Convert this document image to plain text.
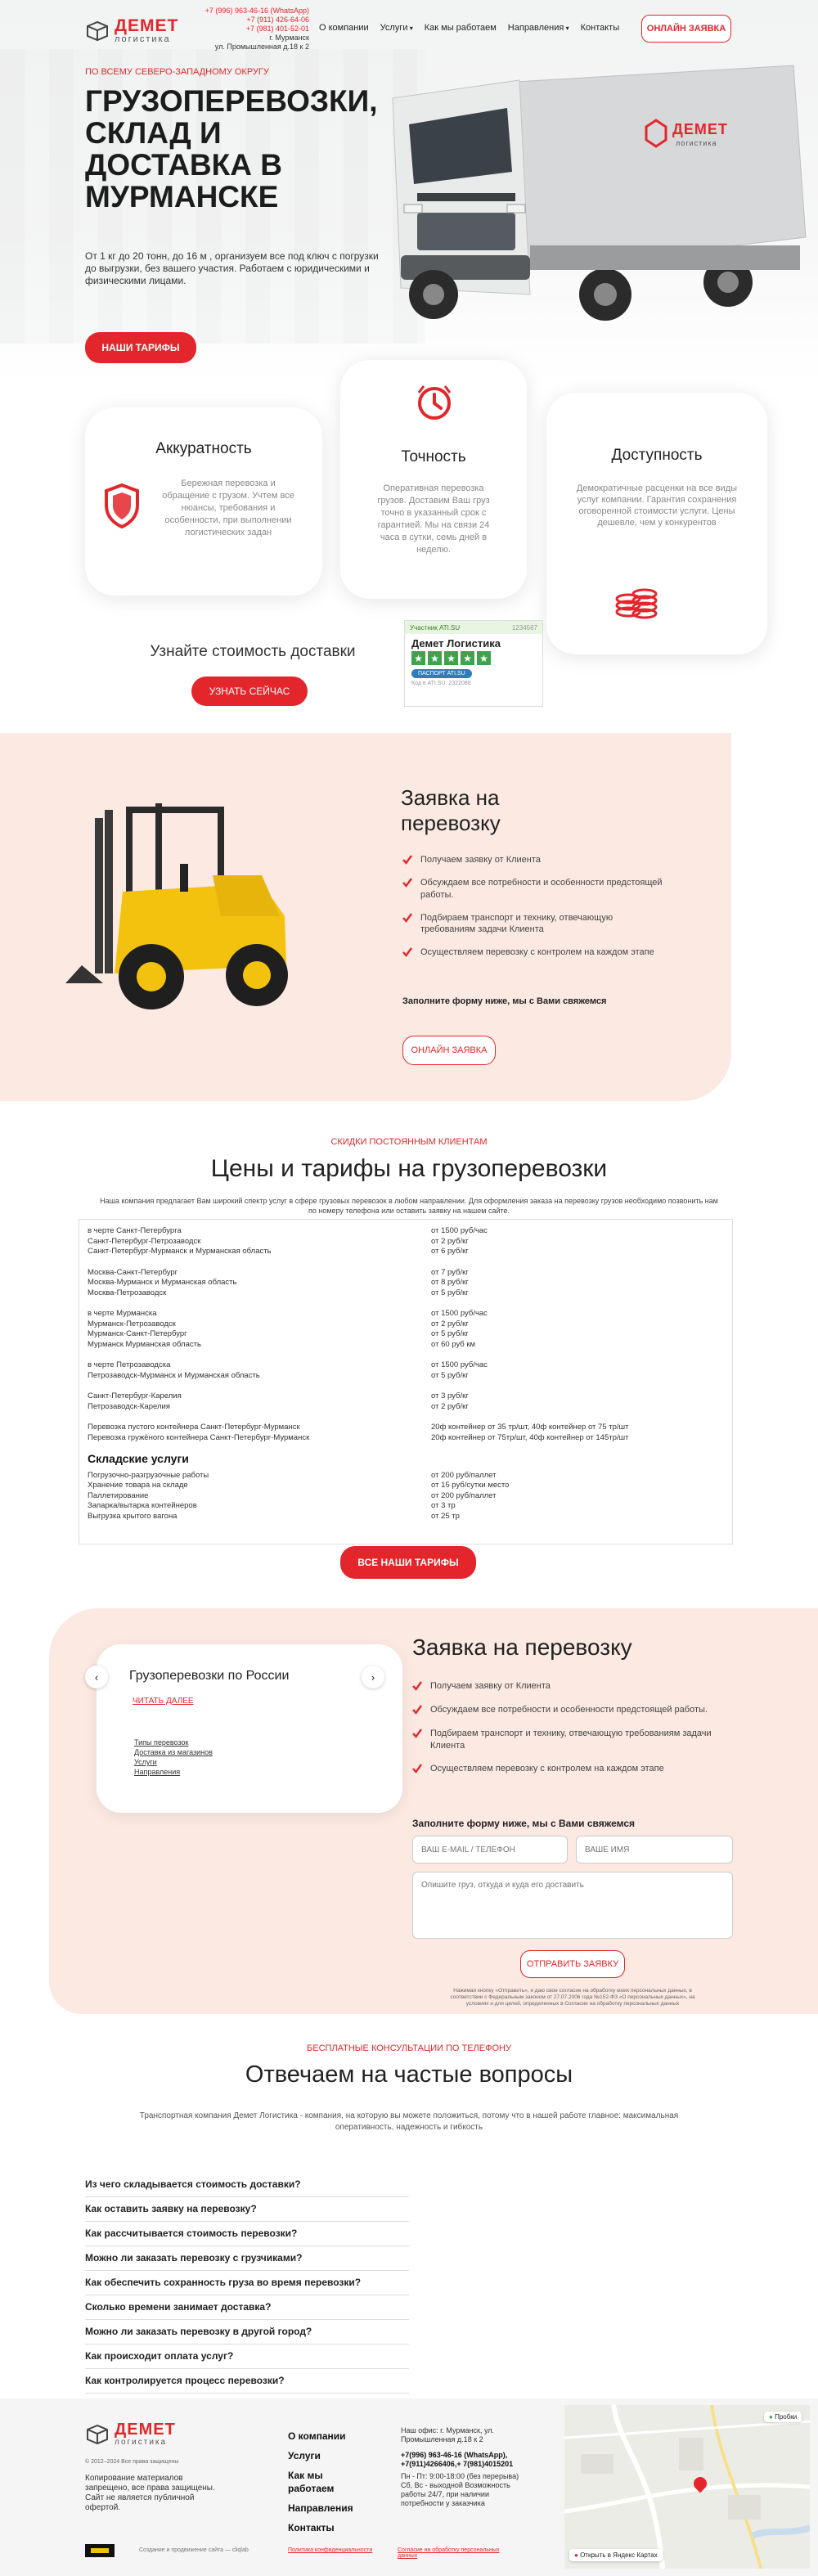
ДЕМЕТ
логистика
+7 (996) 963-46-16 (WhatsApp)
+7 (911) 426-64-06
+7 (981) 401-52-01
г. Мурманск
ул. Промышленная д.18 к 2
О компании Услуги ▾ Как мы работаем Направления ▾ Контакты	ОНЛАЙН ЗАЯВКА
ПО ВСЕМУ СЕВЕРО-ЗАПАДНОМУ ОКРУГУ
ГРУЗОПЕРЕВОЗКИ,
СКЛАД И
ДОСТАВКА В
МУРМАНСКЕ
От 1 кг до 20 тонн, до 16 м , организуем все под ключ с погрузки до выгрузки, без вашего участия. Работаем с юридическими и физическими лицами.
НАШИ ТАРИФЫ
ДЕМЕТ
логистика
Аккуратность
Бережная перевозка и обращение с грузом. Учтем все нюансы, требования и особенности, при выполнении логистических задан
Точность
Оперативная перевозка грузов. Доставим Ваш груз точно в указанный срок с гарантией. Мы на связи 24 часа в сутки, семь дней в неделю.
Доступность
Демократичные расценки на все виды услуг компании. Гарантия сохранения оговоренной стоимости услуги. Цены дешевле, чем у конкурентов
Узнайте стоимость доставки
УЗНАТЬ СЕЙЧАС
Участник ATI.SU	1234567
Демет Логистика
★ ★ ★ ★ ★
ПАСПОРТ ATI.SU
Код в ATI.SU: 2322088
Заявка на
перевозку
Получаем заявку от Клиента
Обсуждаем все потребности и особенности предстоящей работы.
Подбираем транспорт и технику, отвечающую требованиям задачи Клиента
Осуществляем перевозку с контролем на каждом этапе
Заполните форму ниже, мы с Вами свяжемся
ОНЛАЙН ЗАЯВКА
СКИДКИ ПОСТОЯННЫМ КЛИЕНТАМ
Цены и тарифы на грузоперевозки
Наша компания предлагает Вам широкий спектр услуг в сфере грузовых перевозок в любом направлении. Для оформления заказа на перевозку грузов необходимо позвонить нам по номеру телефона или оставить заявку на нашем сайте.
в черте Санкт-Петербурга	от 1500 руб/час
Санкт-Петербург-Петрозаводск	от 2 руб/кг
Санкт-Петербург-Мурманск и Мурманская область	от 6 руб/кг
Москва-Санкт-Петербург	от 7 руб/кг
Москва-Мурманск и Мурманская область	от 8 руб/кг
Москва-Петрозаводск	от 5 руб/кг
в черте Мурманска	от 1500 руб/час
Мурманск-Петрозаводск	от 2 руб/кг
Мурманск-Санкт-Петербург	от 5 руб/кг
Мурманск Мурманская область	от 60 руб км
в черте Петрозаводска	от 1500 руб/час
Петрозаводск-Мурманск и Мурманская область	от 5 руб/кг
Санкт-Петербург-Карелия	от 3 руб/кг
Петрозаводск-Карелия	от 2 руб/кг
Перевозка пустого контейнера Санкт-Петербург-Мурманск	20ф контейнер от 35 тр/шт, 40ф контейнер от 75 тр/шт
Перевозка гружёного контейнера Санкт-Петербург-Мурманск	20ф контейнер от 75тр/шт, 40ф контейнер от 145тр/шт
Складские услуги
Погрузочно-разгрузочные работы	от 200 руб/паллет
Хранение товара на складе	от 15 руб/сутки место
Паллетирование	от 200 руб/паллет
Запарка/вытарка контейнеров	от 3 тр
Выгрузка крытого вагона	от 25 тр
ВСЕ НАШИ ТАРИФЫ
‹	›
Грузоперевозки по России
ЧИТАТЬ ДАЛЕЕ
Типы перевозок
Доставка из магазинов
Услуги
Направления
Заявка на перевозку
Получаем заявку от Клиента
Обсуждаем все потребности и особенности предстоящей работы.
Подбираем транспорт и технику, отвечающую требованиям задачи Клиента
Осуществляем перевозку с контролем на каждом этапе
Заполните форму ниже, мы с Вами свяжемся
ВАШ E-MAIL / ТЕЛЕФОН
ВАШЕ ИМЯ
Опишите груз, откуда и куда его доставить
ОТПРАВИТЬ ЗАЯВКУ
Нажимая кнопку «Отправить», я даю свое согласие на обработку моих персональных данных, в соответствии с Федеральным законом от 27.07.2006 года №152-ФЗ «О персональных данных», на условиях и для целей, определенных в Согласии на обработку персональных данных
БЕСПЛАТНЫЕ КОНСУЛЬТАЦИИ ПО ТЕЛЕФОНУ
Отвечаем на частые вопросы
Транспортная компания Демет Логистика - компания, на которую вы можете положиться, потому что в нашей работе главное: максимальная оперативность, надежность и гибкость
Из чего складывается стоимость доставки?
Как оставить заявку на перевозку?
Как рассчитывается стоимость перевозки?
Можно ли заказать перевозку с грузчиками?
Как обеспечить сохранность груза во время перевозки?
Сколько времени занимает доставка?
Можно ли заказать перевозку в другой город?
Как происходит оплата услуг?
Как контролируется процесс перевозки?
ДЕМЕТ
логистика
© 2012–2024 Все права защищены
Копирование материалов запрещено, все права защищены. Сайт не является публичной офертой.
Создание и продвижение сайта — cliqlab
О компании
Услуги
Как мы работаем
Направления
Контакты
Политика конфиденциальности	Согласие на обработку персональных данных
Наш офис: г. Мурманск, ул. Промышленная д.18 к 2
+7(996) 963-46-16 (WhatsApp), +7(911)4266406,+ 7(981)4015201
Пн - Пт: 9:00-18:00 (без перерыва) Сб, Вс - выходной Возможность работы 24/7, при наличии потребности у заказчика
● Пробки
● Открыть в Яндекс Картах
